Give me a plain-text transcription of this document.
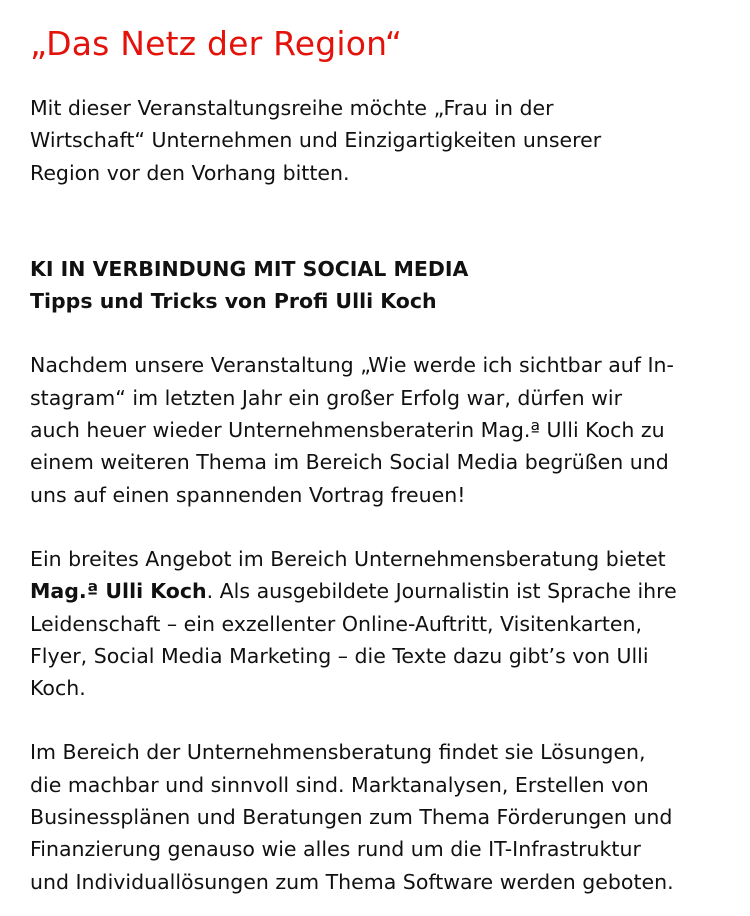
„Das Netz der Region“

Mit dieser Veranstaltungsreihe möchte „Frau in der
Wirtschaft“ Unternehmen und Einzigartigkeiten unserer
Region vor den Vorhang bitten.

KI IN VERBINDUNG MIT SOCIAL MEDIA
Tipps und Tricks von Profi Ulli Koch

Nachdem unsere Veranstaltung „Wie werde ich sichtbar auf In-
stagram“ im letzten Jahr ein großer Erfolg war, dürfen wir
auch heuer wieder Unternehmensberaterin Mag.ª Ulli Koch zu
einem weiteren Thema im Bereich Social Media begrüßen und
uns auf einen spannenden Vortrag freuen!

Ein breites Angebot im Bereich Unternehmensberatung bietet
Mag.ª Ulli Koch. Als ausgebildete Journalistin ist Sprache ihre
Leidenschaft – ein exzellenter Online-Auftritt, Visitenkarten,
Flyer, Social Media Marketing – die Texte dazu gibt’s von Ulli
Koch.

Im Bereich der Unternehmensberatung findet sie Lösungen,
die machbar und sinnvoll sind. Marktanalysen, Erstellen von
Businessplänen und Beratungen zum Thema Förderungen und
Finanzierung genauso wie alles rund um die IT-Infrastruktur
und Individuallösungen zum Thema Software werden geboten.
